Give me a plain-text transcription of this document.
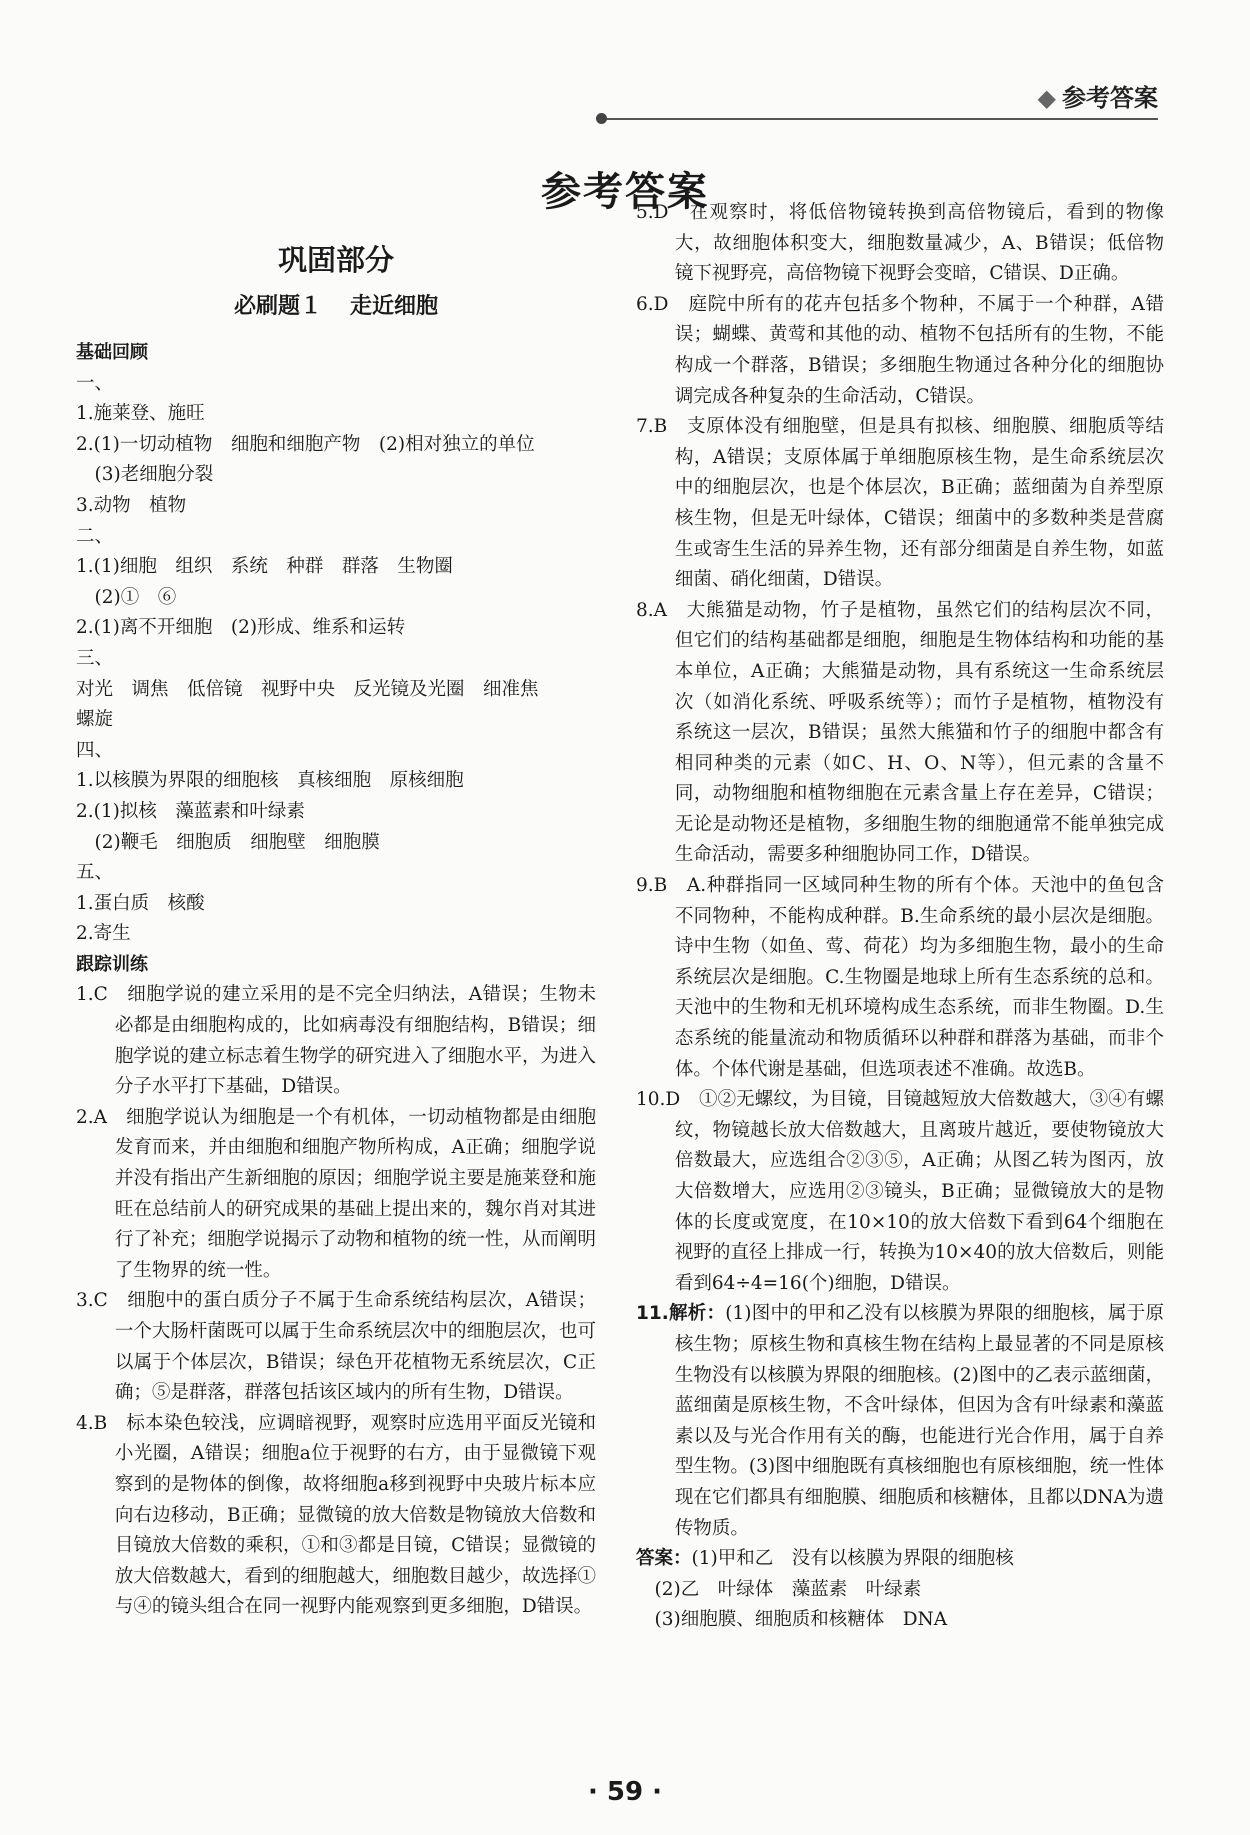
◆ 参考答案
参考答案
巩固部分
必刷题１ 走近细胞
基础回顾
一、
1.施莱登、施旺
2.(1)一切动植物　细胞和细胞产物　(2)相对独立的单位
　(3)老细胞分裂
3.动物　植物
二、
1.(1)细胞　组织　系统　种群　群落　生物圈
　(2)①　⑥
2.(1)离不开细胞　(2)形成、维系和运转
三、
对光　调焦　低倍镜　视野中央　反光镜及光圈　细准焦
螺旋
四、
1.以核膜为界限的细胞核　真核细胞　原核细胞
2.(1)拟核　藻蓝素和叶绿素
　(2)鞭毛　细胞质　细胞壁　细胞膜
五、
1.蛋白质　核酸
2.寄生
跟踪训练
1.C　细胞学说的建立采用的是不完全归纳法，A错误；生物未必都是由细胞构成的，比如病毒没有细胞结构，B错误；细胞学说的建立标志着生物学的研究进入了细胞水平，为进入分子水平打下基础，D错误。
2.A　细胞学说认为细胞是一个有机体，一切动植物都是由细胞发育而来，并由细胞和细胞产物所构成，A正确；细胞学说并没有指出产生新细胞的原因；细胞学说主要是施莱登和施旺在总结前人的研究成果的基础上提出来的，魏尔肖对其进行了补充；细胞学说揭示了动物和植物的统一性，从而阐明了生物界的统一性。
3.C　细胞中的蛋白质分子不属于生命系统结构层次，A错误；一个大肠杆菌既可以属于生命系统层次中的细胞层次，也可以属于个体层次，B错误；绿色开花植物无系统层次，C正确；⑤是群落，群落包括该区域内的所有生物，D错误。
4.B　标本染色较浅，应调暗视野，观察时应选用平面反光镜和小光圈，A错误；细胞a位于视野的右方，由于显微镜下观察到的是物体的倒像，故将细胞a移到视野中央玻片标本应向右边移动，B正确；显微镜的放大倍数是物镜放大倍数和目镜放大倍数的乘积，①和③都是目镜，C错误；显微镜的放大倍数越大，看到的细胞越大，细胞数目越少，故选择①与④的镜头组合在同一视野内能观察到更多细胞，D错误。
5.D　在观察时，将低倍物镜转换到高倍物镜后，看到的物像大，故细胞体积变大，细胞数量减少，A、B错误；低倍物镜下视野亮，高倍物镜下视野会变暗，C错误、D正确。
6.D　庭院中所有的花卉包括多个物种，不属于一个种群，A错误；蝴蝶、黄莺和其他的动、植物不包括所有的生物，不能构成一个群落，B错误；多细胞生物通过各种分化的细胞协调完成各种复杂的生命活动，C错误。
7.B　支原体没有细胞壁，但是具有拟核、细胞膜、细胞质等结构，A错误；支原体属于单细胞原核生物，是生命系统层次中的细胞层次，也是个体层次，B正确；蓝细菌为自养型原核生物，但是无叶绿体，C错误；细菌中的多数种类是营腐生或寄生生活的异养生物，还有部分细菌是自养生物，如蓝细菌、硝化细菌，D错误。
8.A　大熊猫是动物，竹子是植物，虽然它们的结构层次不同，但它们的结构基础都是细胞，细胞是生物体结构和功能的基本单位，A正确；大熊猫是动物，具有系统这一生命系统层次（如消化系统、呼吸系统等）；而竹子是植物，植物没有系统这一层次，B错误；虽然大熊猫和竹子的细胞中都含有相同种类的元素（如C、H、O、N等），但元素的含量不同，动物细胞和植物细胞在元素含量上存在差异，C错误；无论是动物还是植物，多细胞生物的细胞通常不能单独完成生命活动，需要多种细胞协同工作，D错误。
9.B　A.种群指同一区域同种生物的所有个体。天池中的鱼包含不同物种，不能构成种群。B.生命系统的最小层次是细胞。诗中生物（如鱼、莺、荷花）均为多细胞生物，最小的生命系统层次是细胞。C.生物圈是地球上所有生态系统的总和。天池中的生物和无机环境构成生态系统，而非生物圈。D.生态系统的能量流动和物质循环以种群和群落为基础，而非个体。个体代谢是基础，但选项表述不准确。故选B。
10.D　①②无螺纹，为目镜，目镜越短放大倍数越大，③④有螺纹，物镜越长放大倍数越大，且离玻片越近，要使物镜放大倍数最大，应选组合②③⑤，A正确；从图乙转为图丙，放大倍数增大，应选用②③镜头，B正确；显微镜放大的是物体的长度或宽度，在10×10的放大倍数下看到64个细胞在视野的直径上排成一行，转换为10×40的放大倍数后，则能看到64÷4=16(个)细胞，D错误。
11.解析：(1)图中的甲和乙没有以核膜为界限的细胞核，属于原核生物；原核生物和真核生物在结构上最显著的不同是原核生物没有以核膜为界限的细胞核。(2)图中的乙表示蓝细菌，蓝细菌是原核生物，不含叶绿体，但因为含有叶绿素和藻蓝素以及与光合作用有关的酶，也能进行光合作用，属于自养型生物。(3)图中细胞既有真核细胞也有原核细胞，统一性体现在它们都具有细胞膜、细胞质和核糖体，且都以DNA为遗传物质。
答案：(1)甲和乙　没有以核膜为界限的细胞核
(2)乙　叶绿体　藻蓝素　叶绿素
(3)细胞膜、细胞质和核糖体　DNA
· 59 ·
